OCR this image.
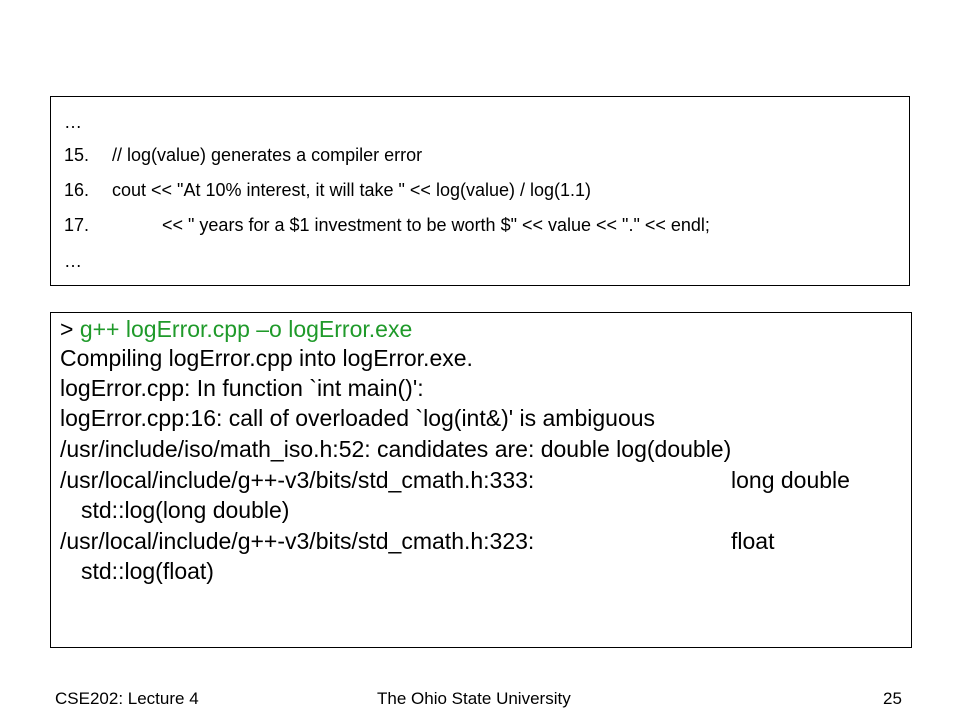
…
15. // log(value) generates a compiler error
16. cout << "At 10% interest, it will take " << log(value) / log(1.1)
17.          << " years for a $1 investment to be worth $" << value << "." << endl;
…
> g++ logError.cpp –o logError.exe
Compiling logError.cpp into logError.exe.
logError.cpp: In function `int main()':
logError.cpp:16: call of overloaded `log(int&)' is ambiguous
/usr/include/iso/math_iso.h:52: candidates are: double log(double)
/usr/local/include/g++-v3/bits/std_cmath.h:333:	long double
std::log(long double)
/usr/local/include/g++-v3/bits/std_cmath.h:323:	float
std::log(float)
CSE202: Lecture 4	The Ohio State University	25
